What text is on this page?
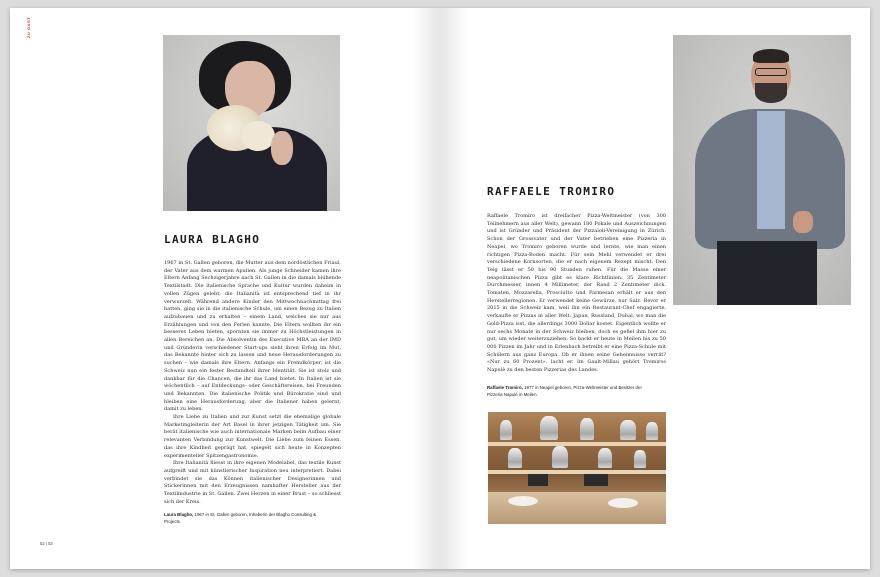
ZU GAST
LAURA BLAGHO

1967 in St. Gallen geboren, die Mutter aus dem nordöstlichen Friaul, der Vater aus dem warmen Apulien. Als junge Schneider kamen ihre Eltern Anfang Sechzigerjahre nach St. Gallen in die damals blühende Textilstadt. Die italienische Sprache und Kultur wurden daheim in vollen Zügen gelebt, die Italianità ist entsprechend tief in ihr verwurzelt. Während andere Kinder den Mittwochnachmittag frei hatten, ging sie in die italienische Schule, um einen Bezug zu Italien aufzubauen und zu erhalten – einem Land, welches sie nur aus Erzählungen und von den Ferien kannte. Die Eltern wollten ihr ein besseres Leben bieten, spornten sie immer zu Höchstleistungen in allen Bereichen an. Die Absolventin des Executive MBA an der IMD und Gründerin verschiedener Start-ups sieht ihren Erfolg im Mut, das Bekannte hinter sich zu lassen und neue Herausforderungen zu suchen – wie damals ihre Eltern. Anfangs ein Fremdkörper, ist die Schweiz nun ein fester Bestandteil ihrer Identität. Sie ist stolz und dankbar für die Chancen, die ihr das Land bietet. In Italien ist sie wöchentlich – auf Entdeckungs- oder Geschäftsreisen, bei Freunden und Bekannten. Die italienische Politik und Bürokratie sind und bleiben eine Herausforderung, aber die Italiener haben gelernt, damit zu leben.

Ihre Liebe zu Italien und zur Kunst setzt die ehemalige globale Marketingleiterin der Art Basel in ihrer jetzigen Tätigkeit um. Sie berät italienische wie auch internationale Marken beim Aufbau einer relevanten Verbindung zur Kunstwelt. Die Liebe zum feinen Essen, das ihre Kindheit geprägt hat, spiegelt sich heute in Konzepten experimenteller Spitzengastronomie.

Ihre Italianità fliesst in ihre eigenen Modelabel, das textile Kunst aufgreift und mit künstlerischer Inspiration neu interpretiert. Dabei verbindet sie das Können italienischer Designerinnen und Stickerinnen mit den Erzeugnissen namhafter Hersteller aus der Textilindustrie in St. Gallen. Zwei Herzen in einer Brust – so schliesst sich der Kreis.

Laura Blagho, 1967 in St. Gallen geboren, Inhaberin der Blagho Consulting & Projects.
52 | 53
RAFFAELE TROMIRO

Raffaele Tromiro ist dreifacher Pizza-Weltmeister (von 300 Teilnehmern aus aller Welt), gewann 180 Pokale und Auszeichnungen und ist Gründer und Präsident der Pizzaioli-Vereinigung in Zürich. Schon der Grossvater und der Vater betrieben eine Pizzeria in Neapel, wo Tromiro geboren wurde und lernte, wie man einen richtigen Pizza-Boden macht. Für sein Mehl verwendet er drei verschiedene Kornsorten, die er nach eigenem Rezept mischt. Den Teig lässt er 50 bis 90 Stunden ruhen. Für die Masse einer neapolitanischen Pizza gibt es klare Richtlinien: 35 Zentimeter Durchmesser, innen 4 Millimeter, der Rand 2 Zentimeter dick. Tomaten, Mozzarella, Prosciutto und Parmesan erhält er aus den Herstellerregionen. Er verwendet keine Gewürze, nur Salz. Bevor er 2015 in die Schweiz kam, weil ihn ein Restaurant-Chef engagierte, verkaufte er Pizzas in aller Welt: Japan, Russland, Dubai, wo man die Gold-Pizza isst, die allerdings 3000 Dollar kostet. Eigentlich wollte er nur sechs Monate in der Schweiz bleiben, doch es gefiel ihm hier zu gut, um wieder weiterzuziehen. So backt er heute in Meilen bis zu 50 000 Pizzen im Jahr und in Erlenbach betreibt er eine Pizza-Schule mit Schülern aus ganz Europa. Ob er ihnen seine Geheimnisse verrät? «Nur zu 60 Prozent», lacht er. Im Gault-Millau gehört Tromiros Napulè zu den besten Pizzerias des Landes.

Raffaele Tromiro, 1977 in Neapel geboren, Pizza-Weltmeister und Besitzer der Pizzeria Napulè in Meilen.
